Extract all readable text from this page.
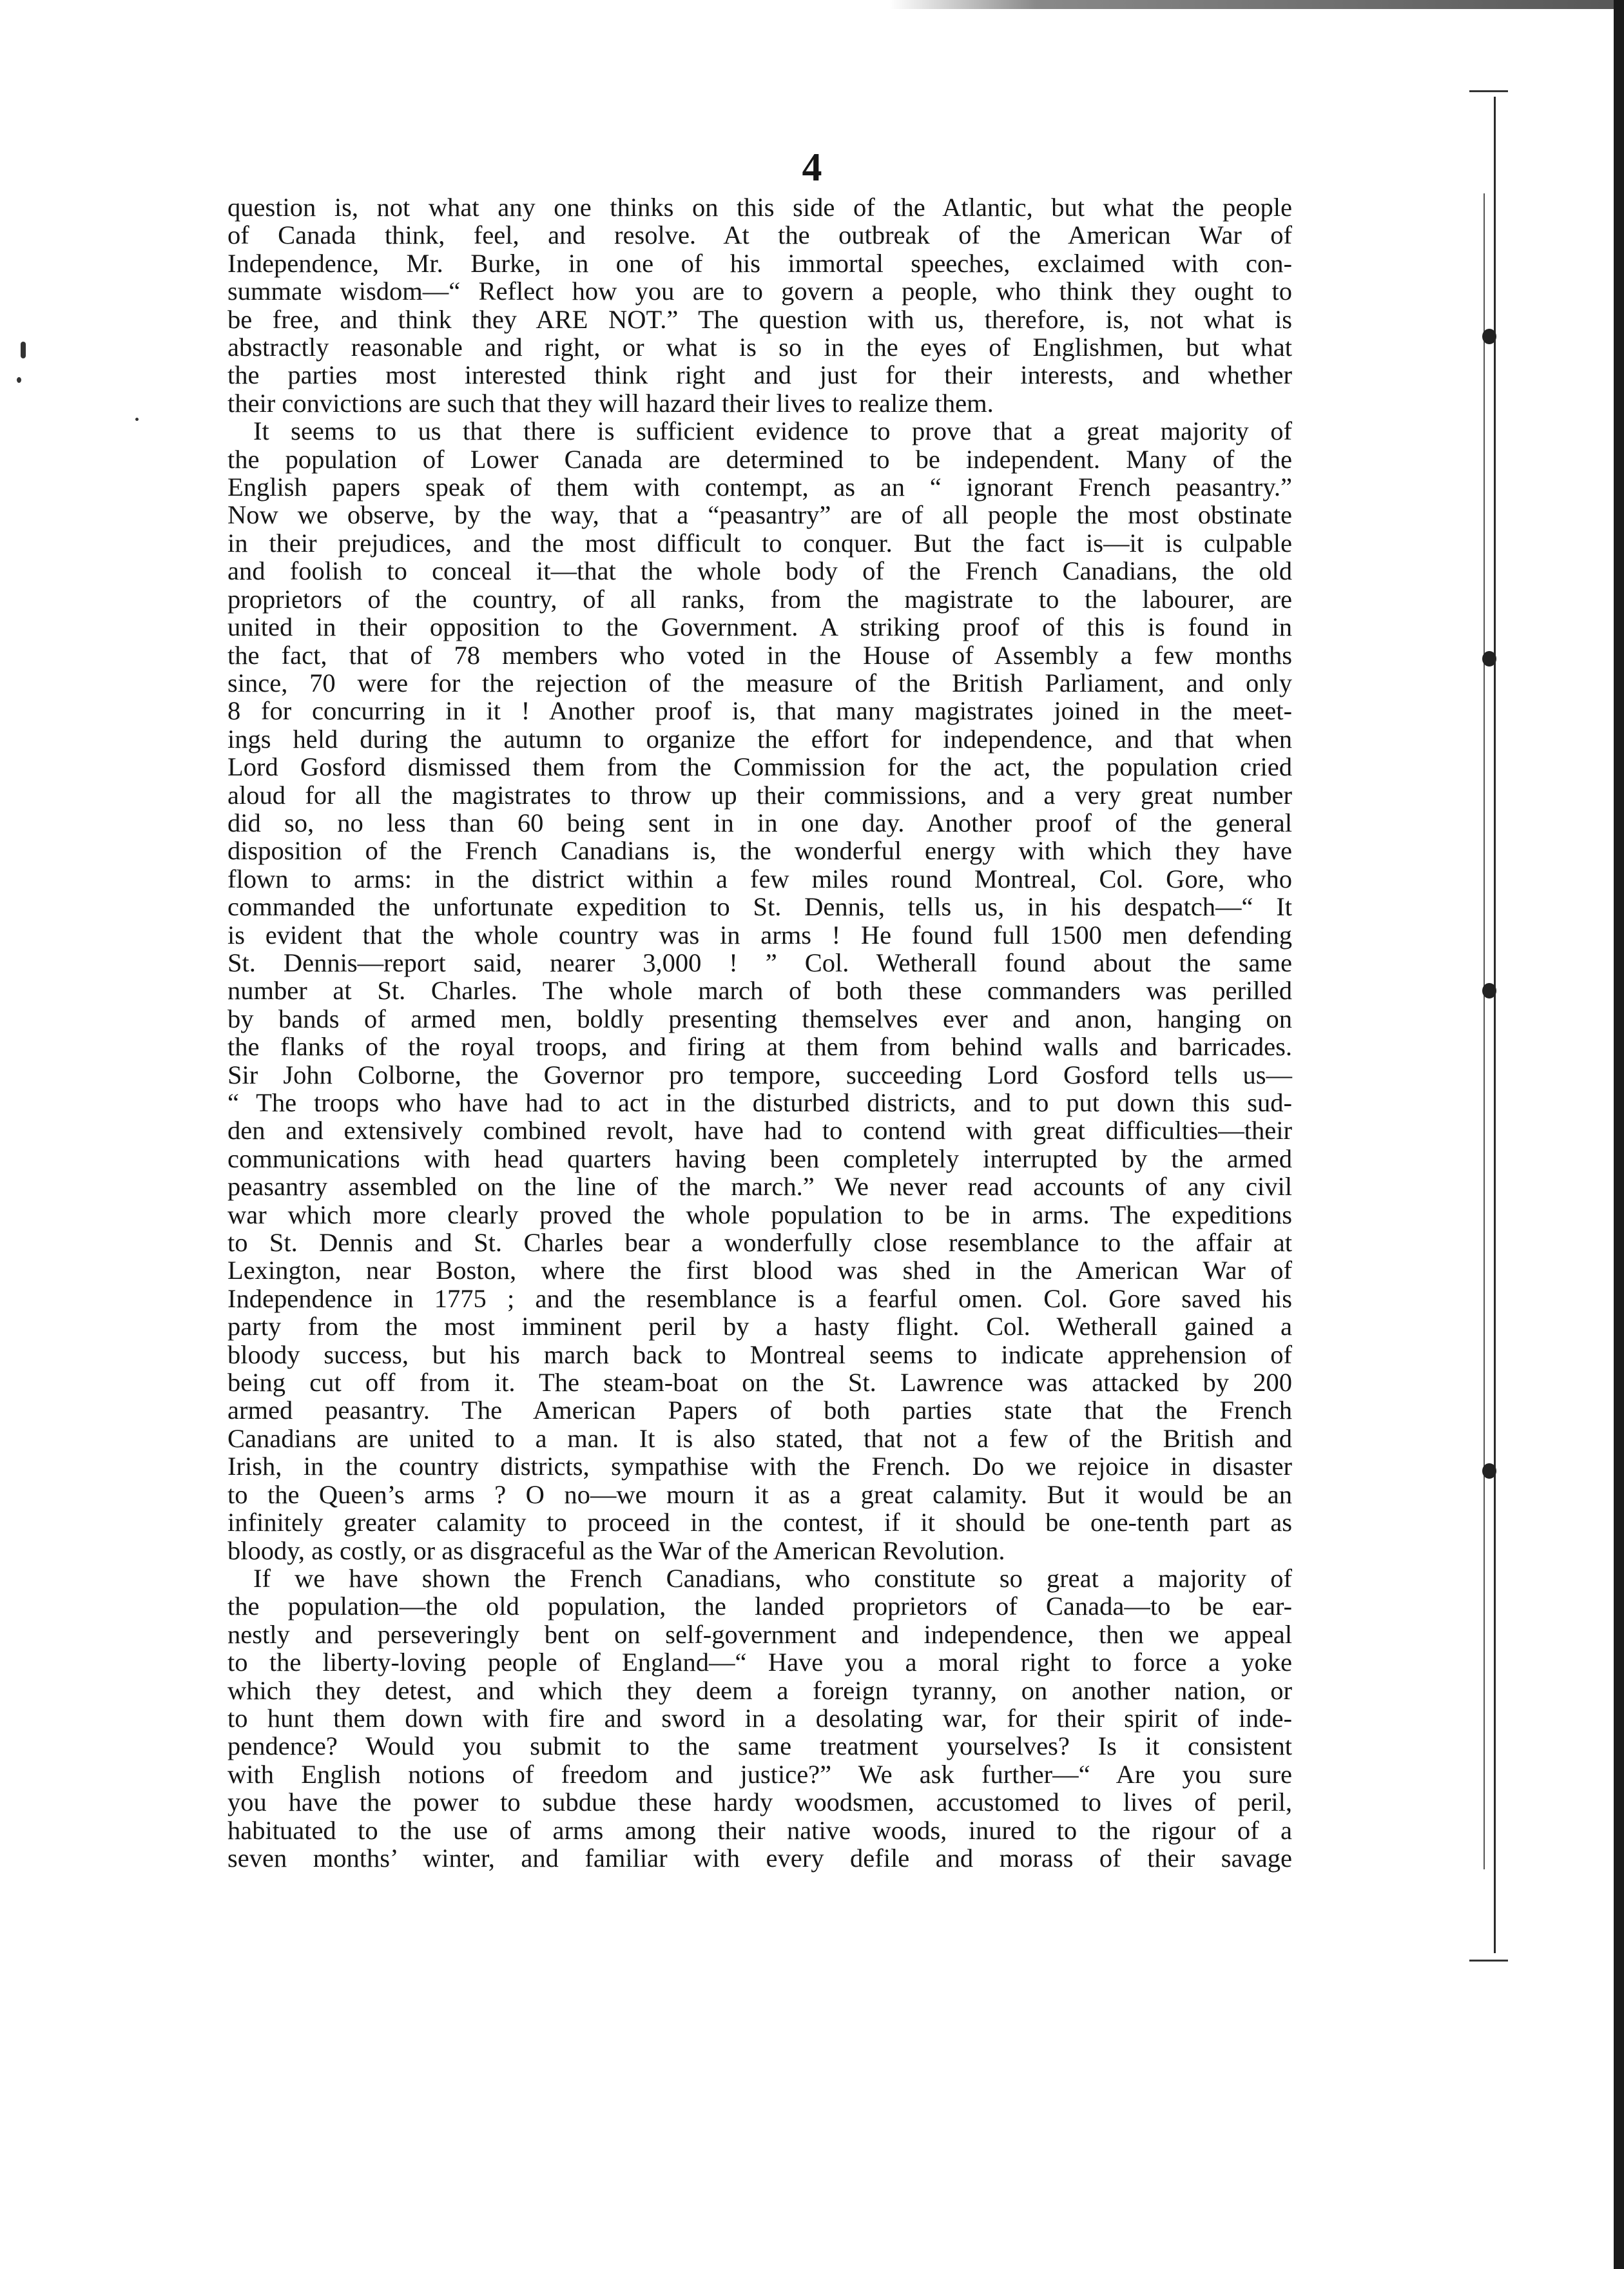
4

question is, not what any one thinks on this side of the Atlantic, but what the people

of Canada think, feel, and resolve. At the outbreak of the American War of

Independence, Mr. Burke, in one of his immortal speeches, exclaimed with con-

summate wisdom—“ Reflect how you are to govern a people, who think they ought to

be free, and think they ARE NOT.” The question with us, therefore, is, not what is

abstractly reasonable and right, or what is so in the eyes of Englishmen, but what

the parties most interested think right and just for their interests, and whether

their convictions are such that they will hazard their lives to realize them.

It seems to us that there is sufficient evidence to prove that a great majority of

the population of Lower Canada are determined to be independent. Many of the

English papers speak of them with contempt, as an “ ignorant French peasantry.”

Now we observe, by the way, that a “peasantry” are of all people the most obstinate

in their prejudices, and the most difficult to conquer. But the fact is—it is culpable

and foolish to conceal it—that the whole body of the French Canadians, the old

proprietors of the country, of all ranks, from the magistrate to the labourer, are

united in their opposition to the Government. A striking proof of this is found in

the fact, that of 78 members who voted in the House of Assembly a few months

since, 70 were for the rejection of the measure of the British Parliament, and only

8 for concurring in it ! Another proof is, that many magistrates joined in the meet-

ings held during the autumn to organize the effort for independence, and that when

Lord Gosford dismissed them from the Commission for the act, the population cried

aloud for all the magistrates to throw up their commissions, and a very great number

did so, no less than 60 being sent in in one day. Another proof of the general

disposition of the French Canadians is, the wonderful energy with which they have

flown to arms: in the district within a few miles round Montreal, Col. Gore, who

commanded the unfortunate expedition to St. Dennis, tells us, in his despatch—“ It

is evident that the whole country was in arms ! He found full 1500 men defending

St. Dennis—report said, nearer 3,000 ! ” Col. Wetherall found about the same

number at St. Charles. The whole march of both these commanders was perilled

by bands of armed men, boldly presenting themselves ever and anon, hanging on

the flanks of the royal troops, and firing at them from behind walls and barricades.

Sir John Colborne, the Governor pro tempore, succeeding Lord Gosford tells us—

“ The troops who have had to act in the disturbed districts, and to put down this sud-

den and extensively combined revolt, have had to contend with great difficulties—their

communications with head quarters having been completely interrupted by the armed

peasantry assembled on the line of the march.” We never read accounts of any civil

war which more clearly proved the whole population to be in arms. The expeditions

to St. Dennis and St. Charles bear a wonderfully close resemblance to the affair at

Lexington, near Boston, where the first blood was shed in the American War of

Independence in 1775 ; and the resemblance is a fearful omen. Col. Gore saved his

party from the most imminent peril by a hasty flight. Col. Wetherall gained a

bloody success, but his march back to Montreal seems to indicate apprehension of

being cut off from it. The steam-boat on the St. Lawrence was attacked by 200

armed peasantry. The American Papers of both parties state that the French

Canadians are united to a man. It is also stated, that not a few of the British and

Irish, in the country districts, sympathise with the French. Do we rejoice in disaster

to the Queen’s arms ? O no—we mourn it as a great calamity. But it would be an

infinitely greater calamity to proceed in the contest, if it should be one-tenth part as

bloody, as costly, or as disgraceful as the War of the American Revolution.

If we have shown the French Canadians, who constitute so great a majority of

the population—the old population, the landed proprietors of Canada—to be ear-

nestly and perseveringly bent on self-government and independence, then we appeal

to the liberty-loving people of England—“ Have you a moral right to force a yoke

which they detest, and which they deem a foreign tyranny, on another nation, or

to hunt them down with fire and sword in a desolating war, for their spirit of inde-

pendence? Would you submit to the same treatment yourselves? Is it consistent

with English notions of freedom and justice?” We ask further—“ Are you sure

you have the power to subdue these hardy woodsmen, accustomed to lives of peril,

habituated to the use of arms among their native woods, inured to the rigour of a

seven months’ winter, and familiar with every defile and morass of their savage
